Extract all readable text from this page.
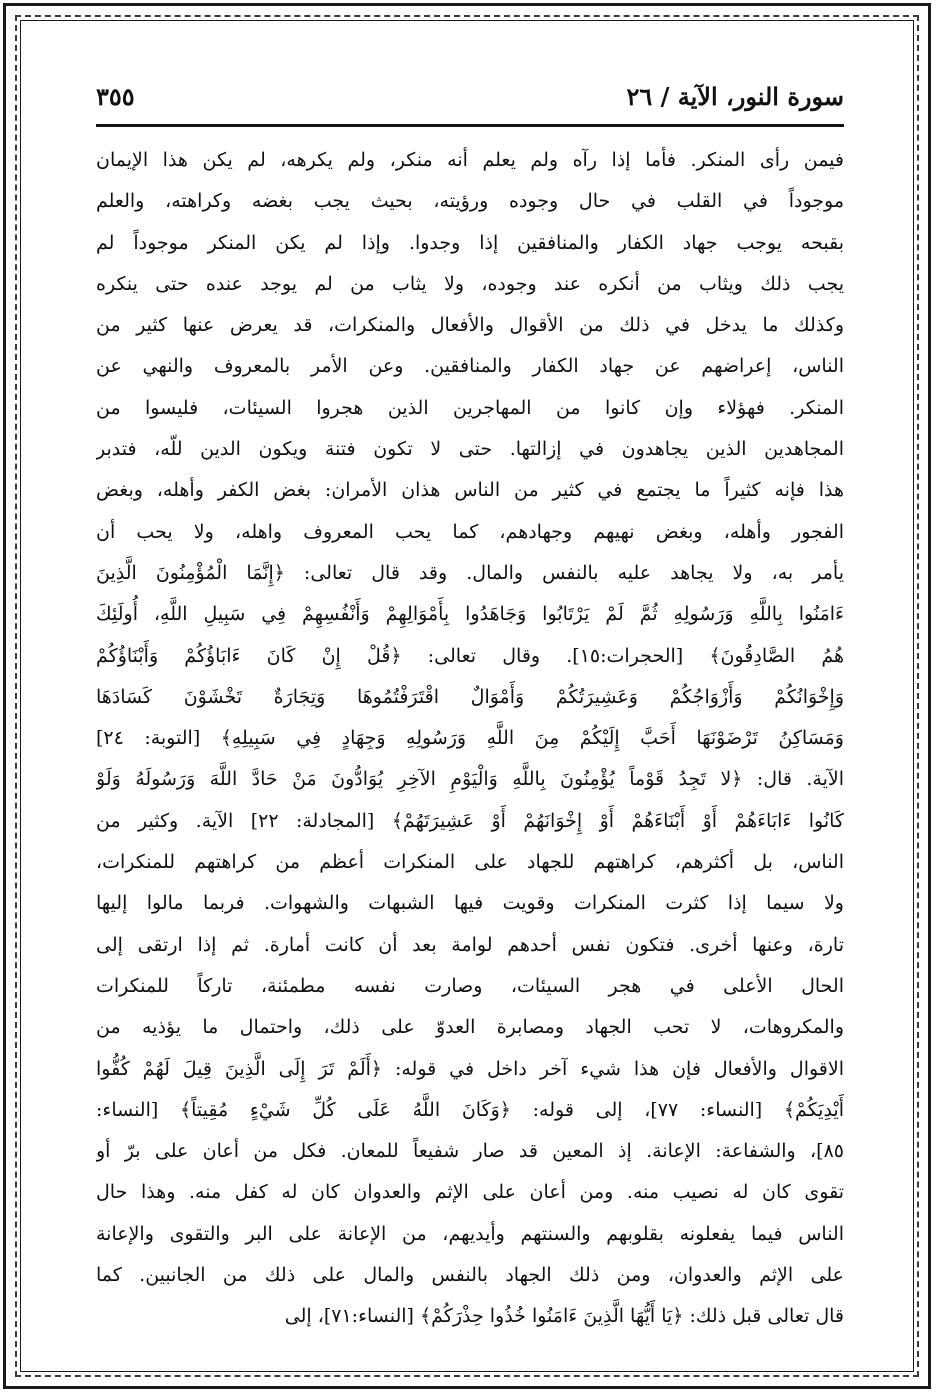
سورة النور، الآية / ٢٦
٣٥٥
فيمن رأى المنكر. فأما إذا رآه ولم يعلم أنه منكر، ولم يكرهه، لم يكن هذا الإيمان
موجوداً في القلب في حال وجوده ورؤيته، بحيث يجب بغضه وكراهته، والعلم
بقبحه يوجب جهاد الكفار والمنافقين إذا وجدوا. وإذا لم يكن المنكر موجوداً لم
يجب ذلك ويثاب من أنكره عند وجوده، ولا يثاب من لم يوجد عنده حتى ينكره
وكذلك ما يدخل في ذلك من الأقوال والأفعال والمنكرات، قد يعرض عنها كثير من
الناس، إعراضهم عن جهاد الكفار والمنافقين. وعن الأمر بالمعروف والنهي عن
المنكر. فهؤلاء وإن كانوا من المهاجرين الذين هجروا السيئات، فليسوا من
المجاهدين الذين يجاهدون في إزالتها. حتى لا تكون فتنة ويكون الدين للّه، فتدبر
هذا فإنه كثيراً ما يجتمع في كثير من الناس هذان الأمران: بغض الكفر وأهله، وبغض
الفجور وأهله، وبغض نهيهم وجهادهم، كما يحب المعروف واهله، ولا يحب أن
يأمر به، ولا يجاهد عليه بالنفس والمال. وقد قال تعالى: ﴿إِنَّمَا الْمُؤْمِنُونَ الَّذِينَ
ءَامَنُوا بِاللَّهِ وَرَسُولِهِ ثُمَّ لَمْ يَرْتَابُوا وَجَاهَدُوا بِأَمْوَالِهِمْ وَأَنْفُسِهِمْ فِي سَبِيلِ اللَّهِ، أُولَئِكَ
هُمُ الصَّادِقُونَ﴾ [الحجرات:١٥]. وقال تعالى: ﴿قُلْ إِنْ كَانَ ءَابَاؤُكُمْ وَأَبْنَاؤُكُمْ
وَإِخْوَانُكُمْ وَأَزْوَاجُكُمْ وَعَشِيرَتُكُمْ وَأَمْوَالٌ اقْتَرَفْتُمُوهَا وَتِجَارَةٌ تَخْشَوْنَ كَسَادَهَا
وَمَسَاكِنُ تَرْضَوْنَهَا أَحَبَّ إِلَيْكُمْ مِنَ اللَّهِ وَرَسُولِهِ وَجِهَادٍ فِي سَبِيلِهِ﴾ [التوبة: ٢٤]
الآية. قال: ﴿لا تَجِدُ قَوْماً يُؤْمِنُونَ بِاللَّهِ وَالْيَوْمِ الآخِرِ يُوَادُّونَ مَنْ حَادَّ اللَّهَ وَرَسُولَهُ وَلَوْ
كَانُوا ءَابَاءَهُمْ أَوْ أَبْنَاءَهُمْ أَوْ إِخْوَانَهُمْ أَوْ عَشِيرَتَهُمْ﴾ [المجادلة: ٢٢] الآية. وكثير من
الناس، بل أكثرهم، كراهتهم للجهاد على المنكرات أعظم من كراهتهم للمنكرات،
ولا سيما إذا كثرت المنكرات وقويت فيها الشبهات والشهوات. فربما مالوا إليها
تارة، وعنها أخرى. فتكون نفس أحدهم لوامة بعد أن كانت أمارة. ثم إذا ارتقى إلى
الحال الأعلى في هجر السيئات، وصارت نفسه مطمئنة، تاركاً للمنكرات
والمكروهات، لا تحب الجهاد ومصابرة العدوّ على ذلك، واحتمال ما يؤذيه من
الاقوال والأفعال فإن هذا شيء آخر داخل في قوله: ﴿أَلَمْ تَرَ إِلَى الَّذِينَ قِيلَ لَهُمْ كُفُّوا
أَيْدِيَكُمْ﴾ [النساء: ٧٧]، إلى قوله: ﴿وَكَانَ اللَّهُ عَلَى كُلِّ شَيْءٍ مُقِيتاً﴾ [النساء:
٨٥]، والشفاعة: الإعانة. إذ المعين قد صار شفيعاً للمعان. فكل من أعان على برّ أو
تقوى كان له نصيب منه. ومن أعان على الإثم والعدوان كان له كفل منه. وهذا حال
الناس فيما يفعلونه بقلوبهم والسنتهم وأيديهم، من الإعانة على البر والتقوى والإعانة
على الإثم والعدوان، ومن ذلك الجهاد بالنفس والمال على ذلك من الجانبين. كما
قال تعالى قبل ذلك: ﴿يَا أَيُّهَا الَّذِينَ ءَامَنُوا خُذُوا حِذْرَكُمْ﴾ [النساء:٧١]، إلى
